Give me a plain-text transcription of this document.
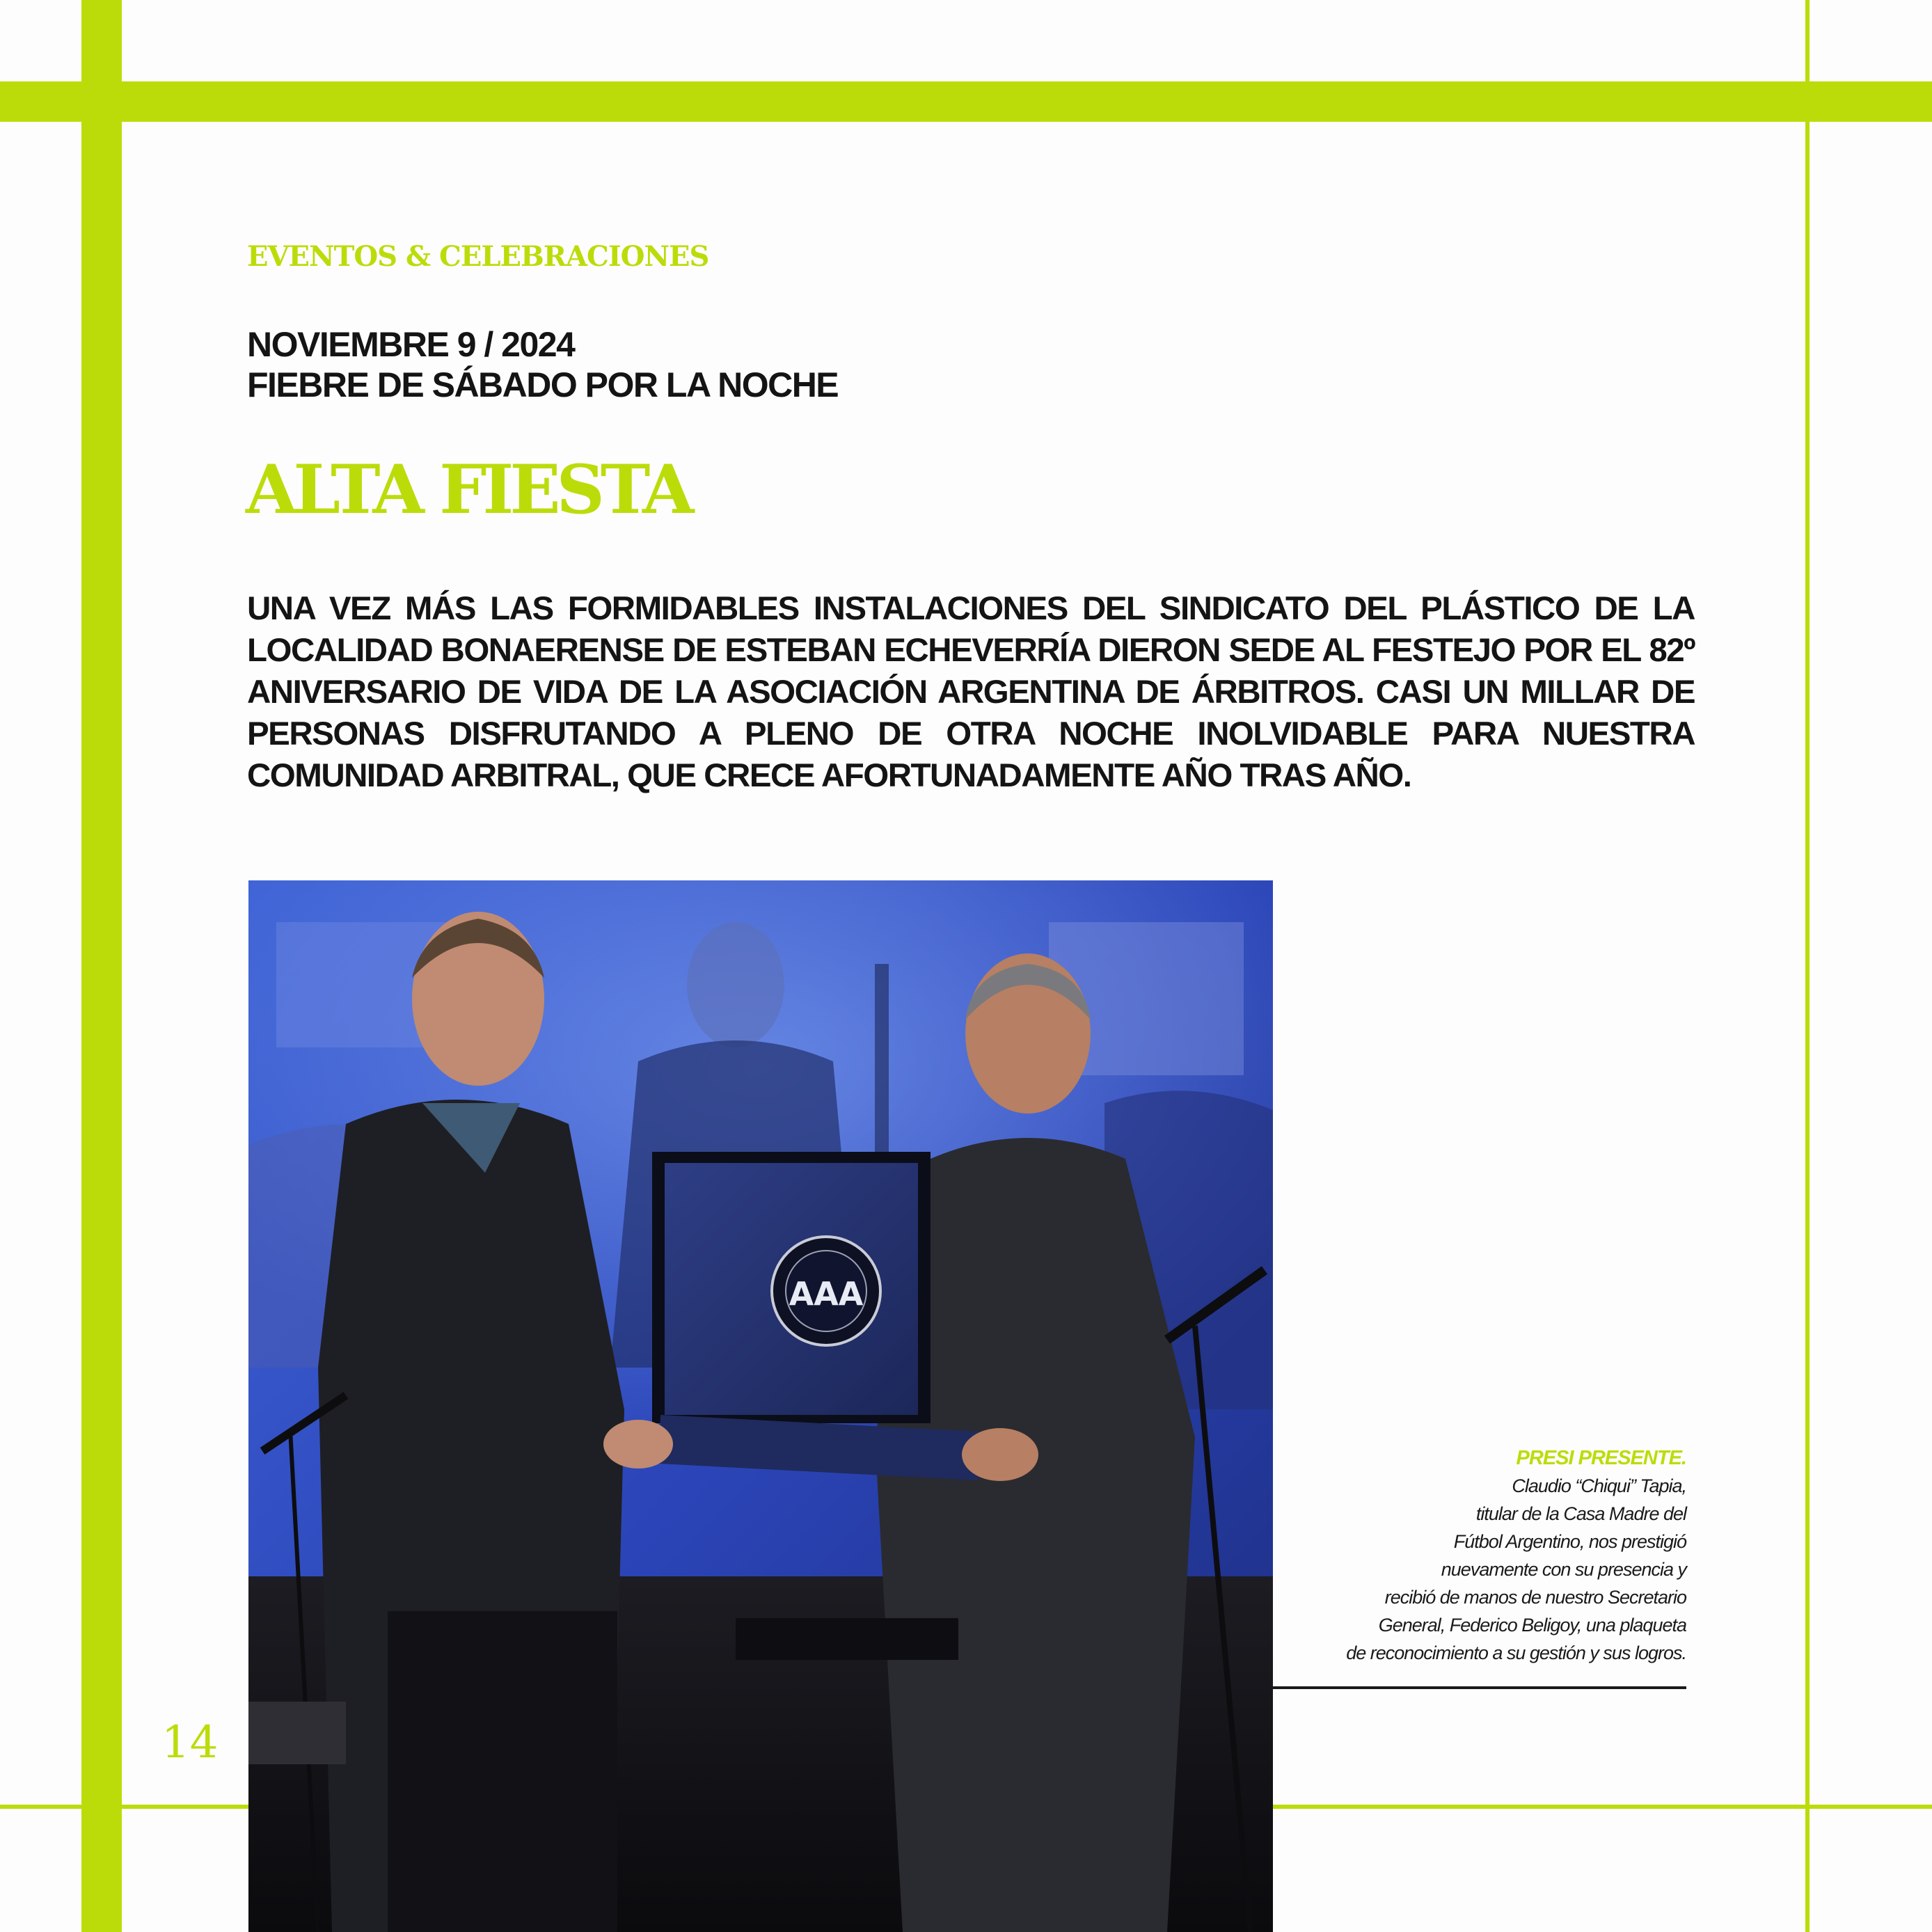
EVENTOS & CELEBRACIONES
NOVIEMBRE 9 / 2024
FIEBRE DE SÁBADO POR LA NOCHE
ALTA FIESTA
UNA VEZ MÁS LAS FORMIDABLES INSTALACIONES DEL SINDICATO DEL PLÁSTICO DE LA LOCALIDAD BONAERENSE DE ESTEBAN ECHEVERRÍA DIERON SEDE AL FESTEJO POR EL 82º ANIVERSARIO DE VIDA DE LA ASOCIACIÓN ARGENTINA DE ÁRBITROS. CASI UN MILLAR DE PERSONAS DISFRUTANDO A PLENO DE OTRA NOCHE INOLVIDABLE PARA NUESTRA COMUNIDAD ARBITRAL, QUE CRECE AFORTUNADAMENTE AÑO TRAS AÑO.
AAA
PRESI PRESENTE.
Claudio “Chiqui” Tapia,
titular de la Casa Madre del
Fútbol Argentino, nos prestigió
nuevamente con su presencia y
recibió de manos de nuestro Secretario
General, Federico Beligoy, una plaqueta
de reconocimiento a su gestión y sus logros.
14
